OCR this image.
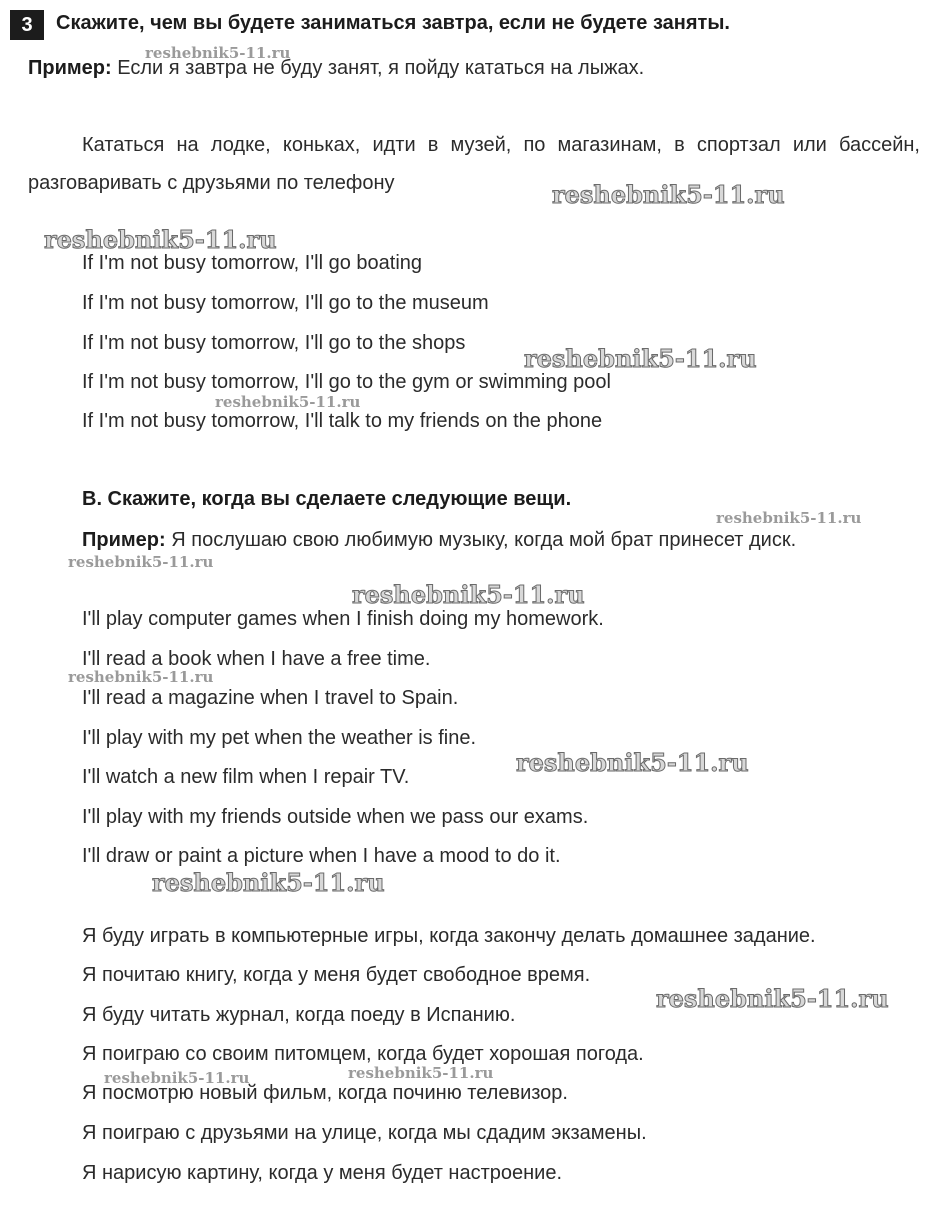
3	Скажите, чем вы будете заниматься завтра, если не будете заняты.
Пример: Если я завтра не буду занят, я пойду кататься на лыжах.
Кататься на лодке, коньках, идти в музей, по магазинам, в спортзал или бассейн, разговаривать с друзьями по телефону
If I'm not busy tomorrow, I'll go boating
If I'm not busy tomorrow, I'll go to the museum
If I'm not busy tomorrow, I'll go to the shops
If I'm not busy tomorrow, I'll go to the gym or swimming pool
If I'm not busy tomorrow, I'll talk to my friends on the phone
B. Скажите, когда вы сделаете следующие вещи.
Пример: Я послушаю свою любимую музыку, когда мой брат принесет диск.
I'll play computer games when I finish doing my homework.
I'll read a book when I have a free time.
I'll read a magazine when I travel to Spain.
I'll play with my pet when the weather is fine.
I'll watch a new film when I repair TV.
I'll play with my friends outside when we pass our exams.
I'll draw or paint a picture when I have a mood to do it.
Я буду играть в компьютерные игры, когда закончу делать домашнее задание.
Я почитаю книгу, когда у меня будет свободное время.
Я буду читать журнал, когда поеду в Испанию.
Я поиграю со своим питомцем, когда будет хорошая погода.
Я посмотрю новый фильм, когда починю телевизор.
Я поиграю с друзьями на улице, когда мы сдадим экзамены.
Я нарисую картину, когда у меня будет настроение.
reshebnik5-11.ru
reshebnik5-11.ru
reshebnik5-11.ru
reshebnik5-11.ru
reshebnik5-11.ru
reshebnik5-11.ru
reshebnik5-11.ru
reshebnik5-11.ru
reshebnik5-11.ru
reshebnik5-11.ru
reshebnik5-11.ru
reshebnik5-11.ru
reshebnik5-11.ru	reshebnik5-11.ru
